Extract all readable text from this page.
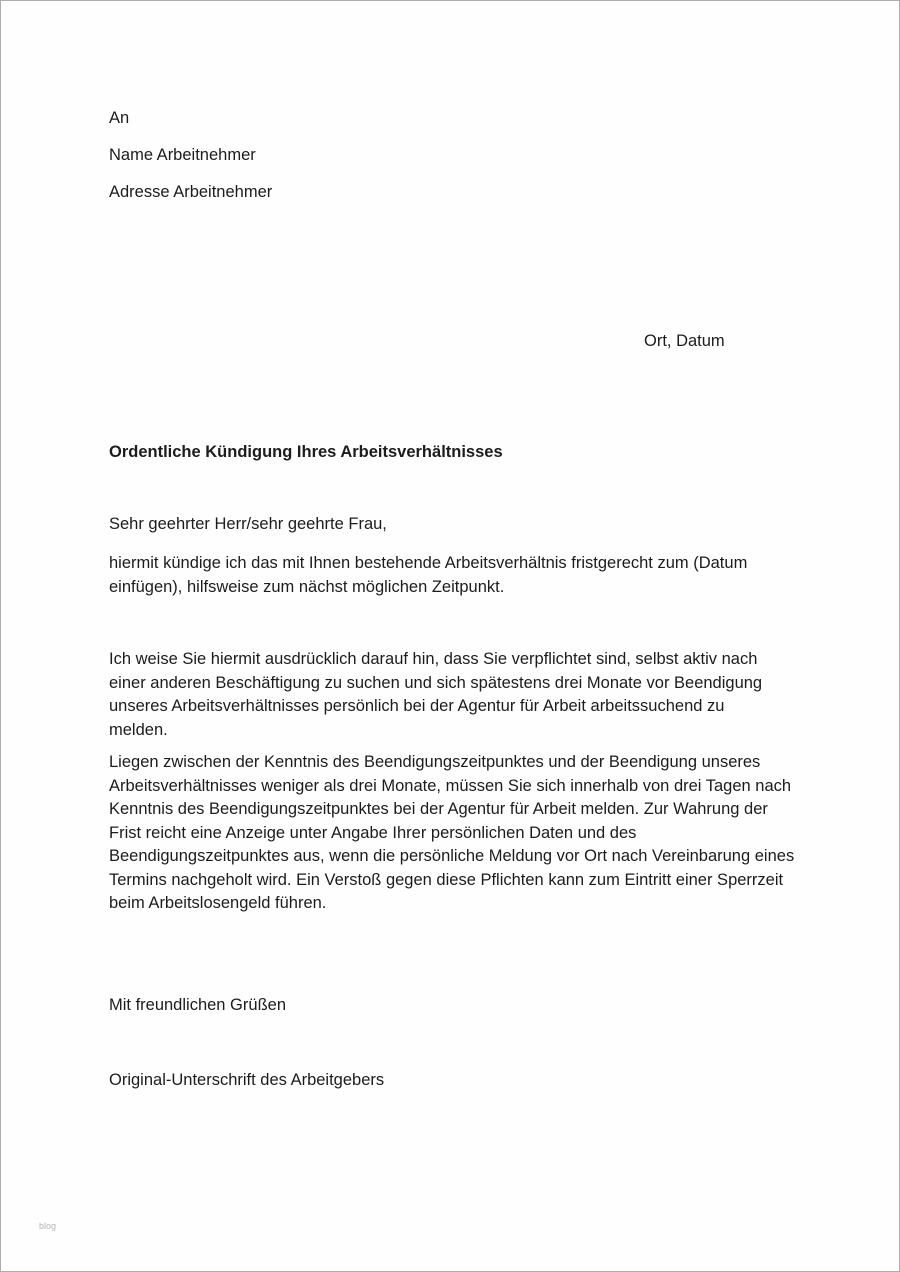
An
Name Arbeitnehmer
Adresse Arbeitnehmer
Ort, Datum
Ordentliche Kündigung Ihres Arbeitsverhältnisses
Sehr geehrter Herr/sehr geehrte Frau,
hiermit kündige ich das mit Ihnen bestehende Arbeitsverhältnis fristgerecht zum (Datum einfügen), hilfsweise zum nächst möglichen Zeitpunkt.
Ich weise Sie hiermit ausdrücklich darauf hin, dass Sie verpflichtet sind, selbst aktiv nach einer anderen Beschäftigung zu suchen und sich spätestens drei Monate vor Beendigung unseres Arbeitsverhältnisses persönlich bei der Agentur für Arbeit arbeitssuchend zu melden.
Liegen zwischen der Kenntnis des Beendigungszeitpunktes und der Beendigung unseres Arbeitsverhältnisses weniger als drei Monate, müssen Sie sich innerhalb von drei Tagen nach Kenntnis des Beendigungszeitpunktes bei der Agentur für Arbeit melden. Zur Wahrung der Frist reicht eine Anzeige unter Angabe Ihrer persönlichen Daten und des Beendigungszeitpunktes aus, wenn die persönliche Meldung vor Ort nach Vereinbarung eines Termins nachgeholt wird. Ein Verstoß gegen diese Pflichten kann zum Eintritt einer Sperrzeit beim Arbeitslosengeld führen.
Mit freundlichen Grüßen
Original-Unterschrift des Arbeitgebers
blog
